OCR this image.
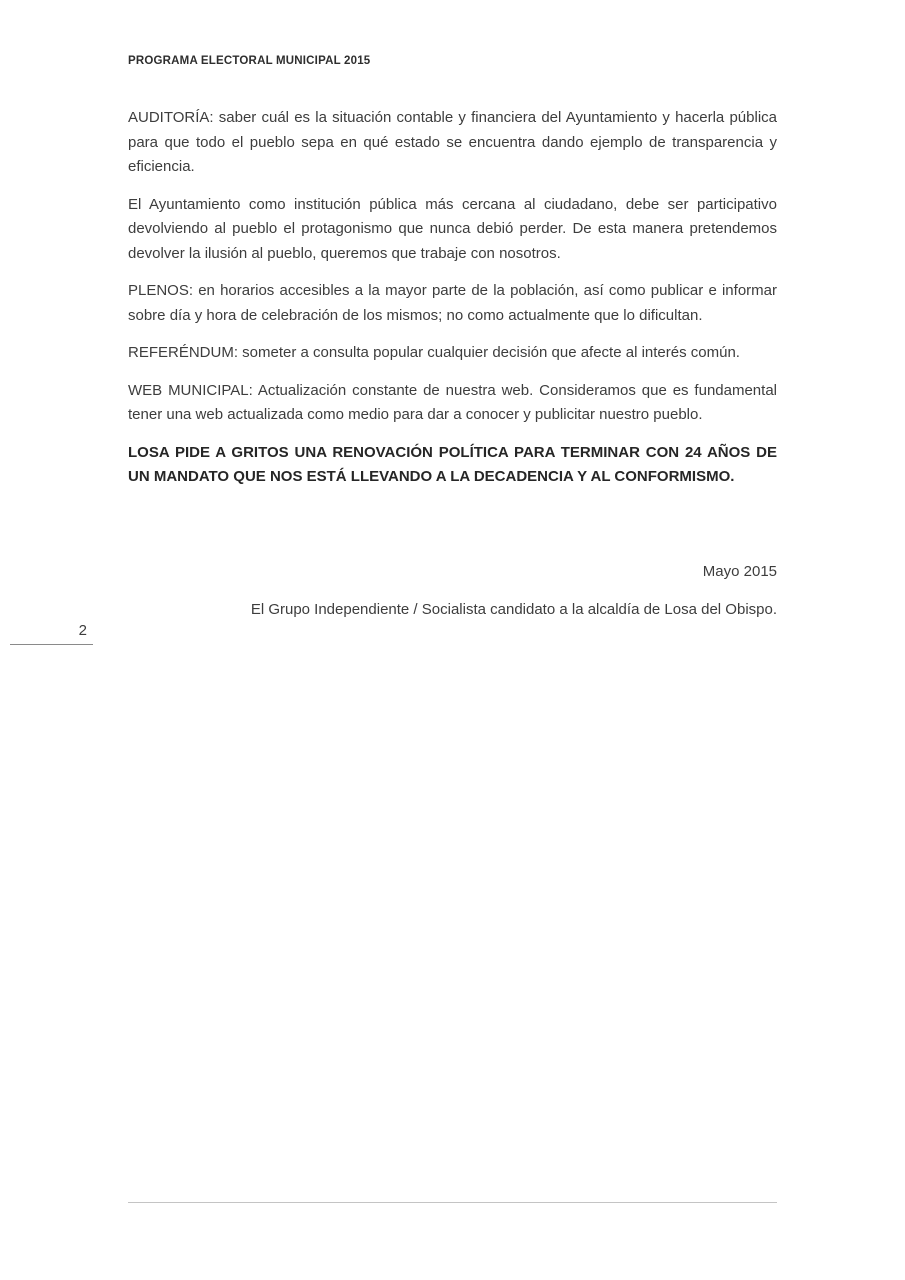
PROGRAMA ELECTORAL MUNICIPAL 2015

AUDITORÍA: saber cuál es la situación contable y financiera del Ayuntamiento y hacerla pública para que todo el pueblo sepa en qué estado se encuentra dando ejemplo de transparencia y eficiencia.

El Ayuntamiento como institución pública más cercana al ciudadano, debe ser participativo devolviendo al pueblo el protagonismo que nunca debió perder. De esta manera pretendemos devolver la ilusión al pueblo, queremos que trabaje con nosotros.

PLENOS: en horarios accesibles a la mayor parte de la población, así como publicar e informar sobre día y hora de celebración de los mismos; no como actualmente que lo dificultan.

REFERÉNDUM: someter a consulta popular cualquier decisión que afecte al interés común.

WEB MUNICIPAL: Actualización constante de nuestra web. Consideramos que es fundamental tener una web actualizada como medio para dar a conocer y publicitar nuestro pueblo.

LOSA PIDE A GRITOS UNA RENOVACIÓN POLÍTICA PARA TERMINAR CON 24 AÑOS DE UN MANDATO QUE NOS ESTÁ LLEVANDO A LA DECADENCIA Y AL CONFORMISMO.

Mayo 2015

El Grupo Independiente / Socialista candidato a la alcaldía de Losa del Obispo.

2
